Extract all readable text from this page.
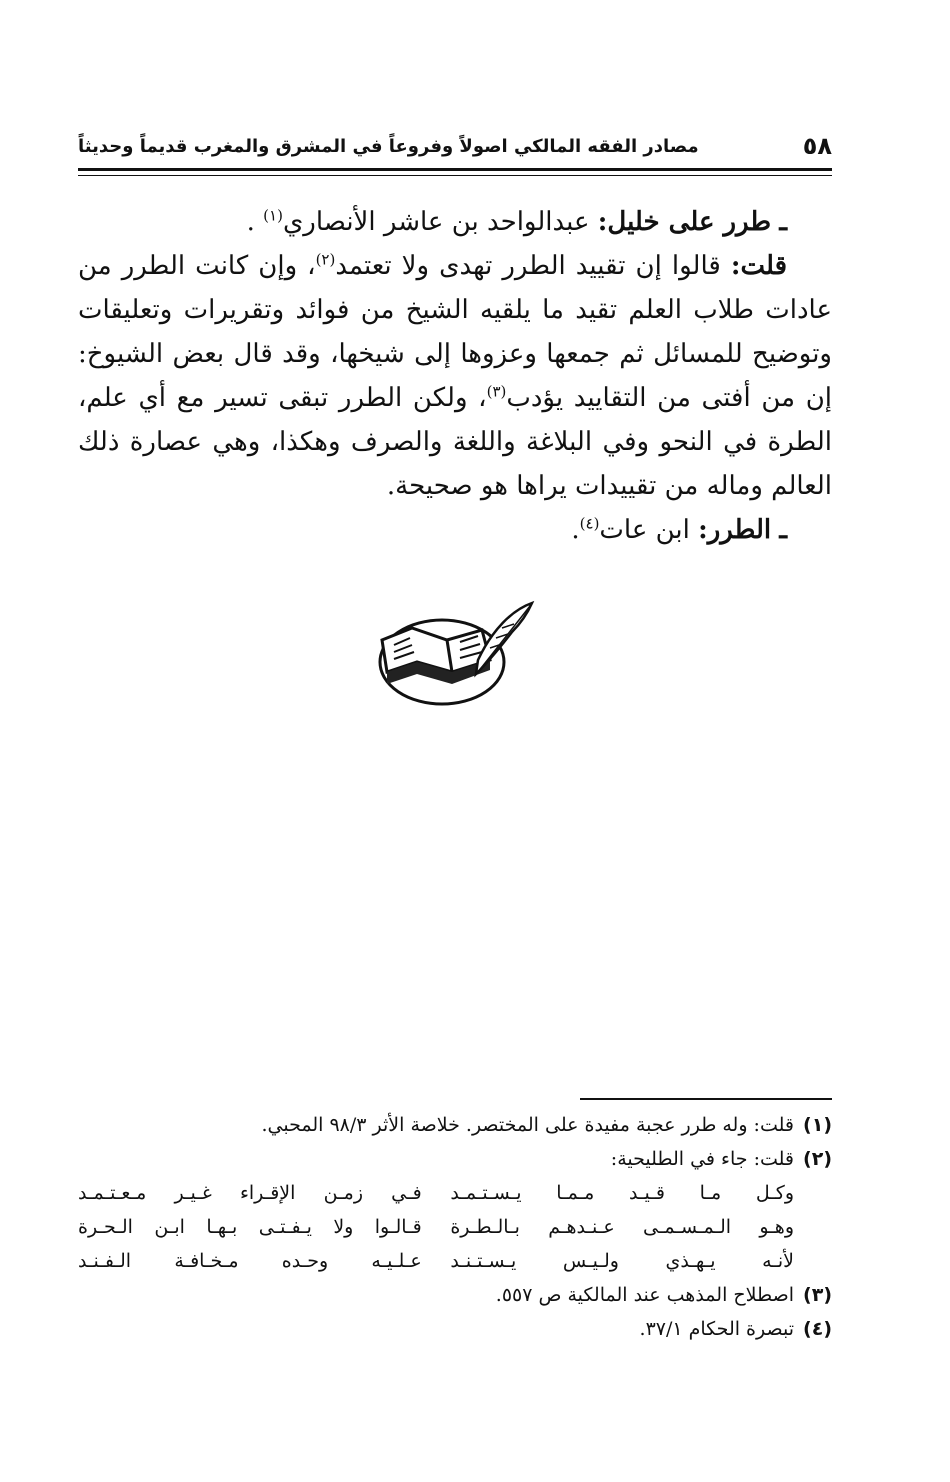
٥٨
مصادر الفقه المالكي اصولاً وفروعاً في المشرق والمغرب قديماً وحديثاً
ـ طرر على خليل: عبدالواحد بن عاشر الأنصاري$^{(١)}$ .
قلت: قالوا إن تقييد الطرر تهدى ولا تعتمد$^{(٢)}$، وإن كانت الطرر من
عادات طلاب العلم تقيد ما يلقيه الشيخ من فوائد وتقريرات وتعليقات
وتوضيح للمسائل ثم جمعها وعزوها إلى شيخها، وقد قال بعض الشيوخ:
إن من أفتى من التقاييد يؤدب$^{(٣)}$، ولكن الطرر تبقى تسير مع أي علم،
الطرة في النحو وفي البلاغة واللغة والصرف وهكذا، وهي عصارة ذلك
العالم وماله من تقييدات يراها هو صحيحة.
ـ الطرر: ابن عات$^{(٤)}$.
(١)
قلت: وله طرر عجبة مفيدة على المختصر. خلاصة الأثر ٩٨/٣ المحبي.
(٢)
قلت: جاء في الطليحية:
وكـل مـا قـيـد مـمـا يـسـتـمـد
فـي زمـن الإقـراء غـيـر مـعـتـمـد
وهـو الـمـسـمـى عـنـدهـم بـالـطـرة
قـالـوا ولا يـفـتـى بـهـا ابـن الـحـرة
لأنـه يـهـذي ولـيـس يـسـتـنـد
عـلـيـه وحـده مـخـافـة الـفـنـد
(٣)
اصطلاح المذهب عند المالكية ص ٥٥٧.
(٤)
تبصرة الحكام ٣٧/١.
